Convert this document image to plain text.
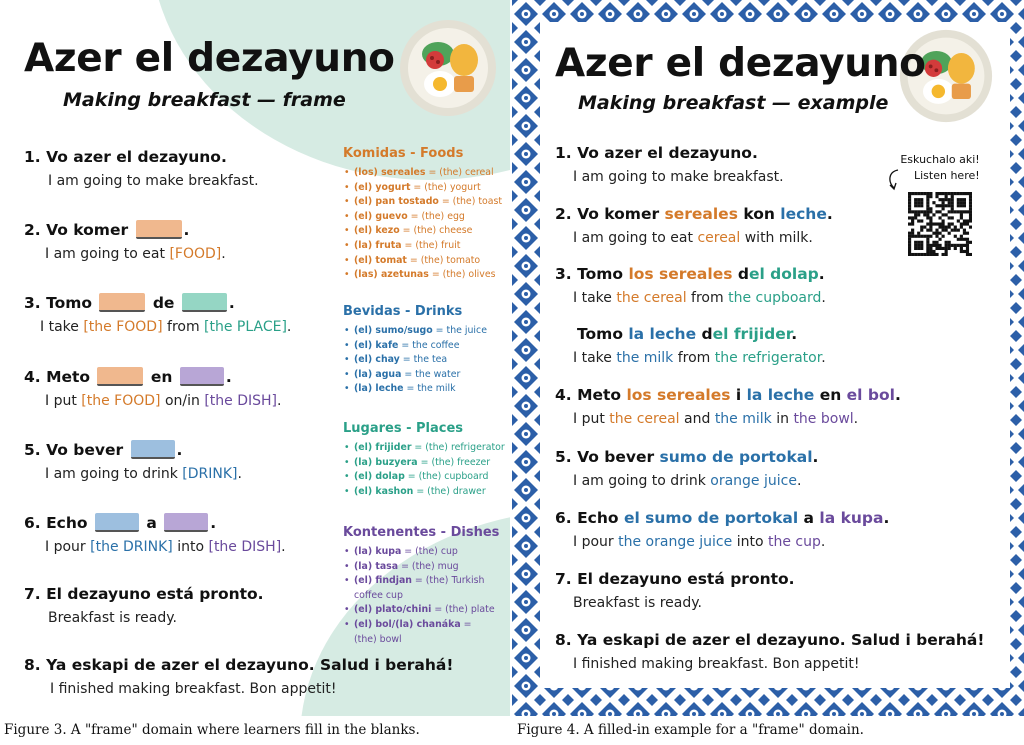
Azer el dezayuno
Making breakfast — frame
1. Vo azer el dezayuno.
I am going to make breakfast.
2. Vo komer	.
I am going to eat [FOOD].
3. Tomo	de	.
I take [the FOOD] from [the PLACE].
4. Meto	en	.
I put [the FOOD] on/in [the DISH].
5. Vo bever	.
I am going to drink [DRINK].
6. Echo	a	.
I pour [the DRINK] into [the DISH].
7. El dezayuno está pronto.
Breakfast is ready.
8. Ya eskapi de azer el dezayuno. Salud i berahá!
I finished making breakfast. Bon appetit!
Komidas - Foods
• (los) sereales = (the) cereal
• (el) yogurt = (the) yogurt
• (el) pan tostado = (the) toast
• (el) guevo = (the) egg
• (el) kezo = (the) cheese
• (la) fruta = (the) fruit
• (el) tomat = (the) tomato
• (las) azetunas = (the) olives
Bevidas - Drinks
• (el) sumo/sugo = the juice
• (el) kafe = the coffee
• (el) chay = the tea
• (la) agua = the water
• (la) leche = the milk
Lugares - Places
• (el) frijider = (the) refrigerator
• (la) buzyera = (the) freezer
• (el) dolap = (the) cupboard
• (el) kashon = (the) drawer
Kontenentes - Dishes
• (la) kupa = (the) cup
• (la) tasa = (the) mug
• (el) findjan = (the) Turkish coffee cup
• (el) plato/chini = (the) plate
• (el) bol/(la) chanáka = (the) bowl
Azer el dezayuno
Making breakfast — example
Eskuchalo aki!
Listen here!
1. Vo azer el dezayuno.
I am going to make breakfast.
2. Vo komer sereales kon leche.
I am going to eat cereal with milk.
3. Tomo los sereales del dolap.
I take the cereal from the cupboard.
Tomo la leche del frijider.
I take the milk from the refrigerator.
4. Meto los sereales i la leche en el bol.
I put the cereal and the milk in the bowl.
5. Vo bever sumo de portokal.
I am going to drink orange juice.
6. Echo el sumo de portokal a la kupa.
I pour the orange juice into the cup.
7. El dezayuno está pronto.
Breakfast is ready.
8. Ya eskapi de azer el dezayuno. Salud i berahá!
I finished making breakfast. Bon appetit!
Figure 3. A "frame" domain where learners fill in the blanks.	Figure 4. A filled-in example for a "frame" domain.
